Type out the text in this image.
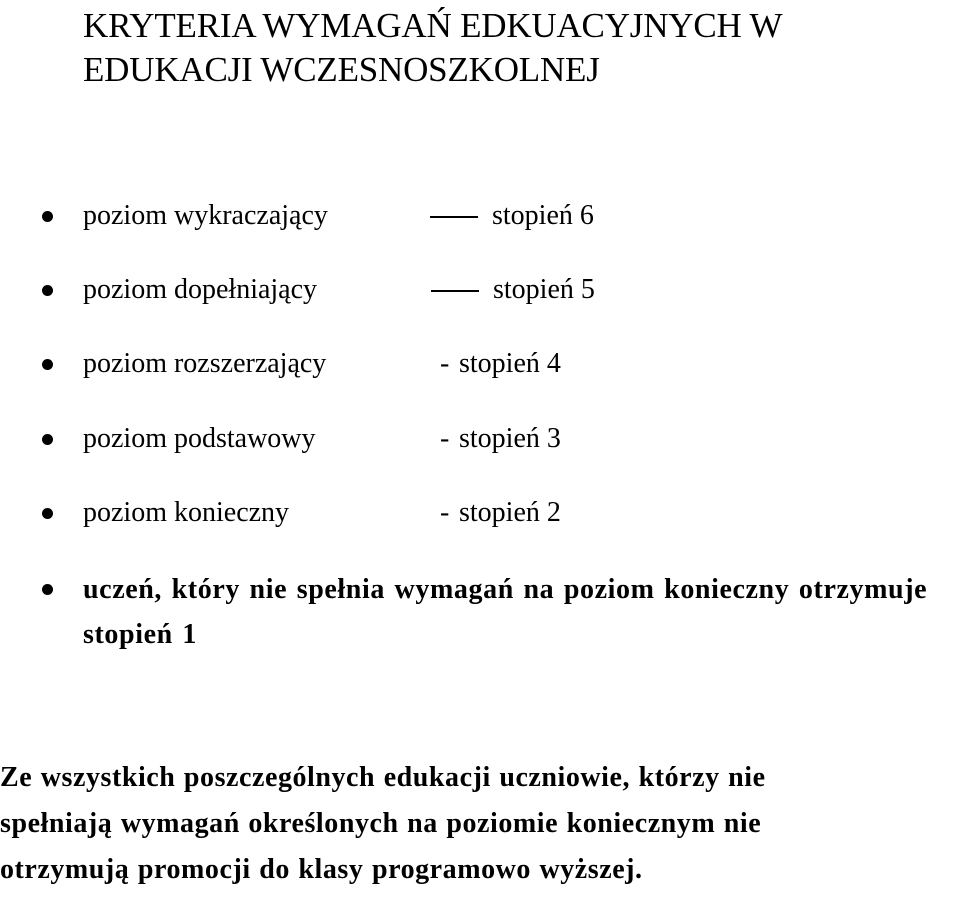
KRYTERIA WYMAGAŃ EDKUACYJNYCH W
EDUKACJI WCZESNOSZKOLNEJ
poziom wykraczający	stopień 6
poziom dopełniający	stopień 5
poziom rozszerzający	- stopień 4
poziom podstawowy	- stopień 3
poziom konieczny	- stopień 2
uczeń, który nie spełnia wymagań na poziom konieczny otrzymuje stopień 1

Ze wszystkich poszczególnych edukacji uczniowie, którzy nie
spełniają wymagań określonych na poziomie koniecznym nie
otrzymują promocji do klasy programowo wyższej.
